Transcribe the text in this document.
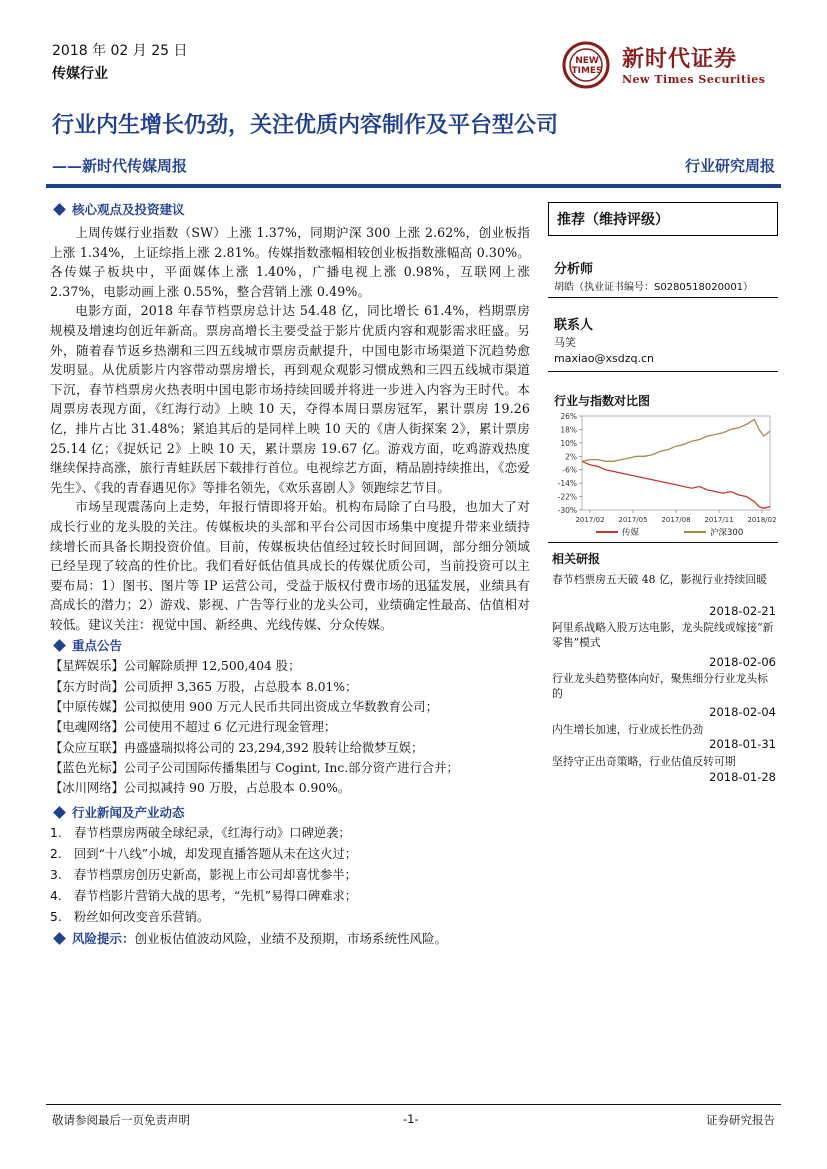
2018 年 02 月 25 日
传媒行业
NEW TIMES 新时代证券
New Times Securities
行业内生增长仍劲，关注优质内容制作及平台型公司
——新时代传媒周报	行业研究周报
核心观点及投资建议
上周传媒行业指数（SW）上涨 1.37%，同期沪深 300 上涨 2.62%，创业板指上涨 1.34%，上证综指上涨 2.81%。传媒指数涨幅相较创业板指数涨幅高 0.30%。各传媒子板块中，平面媒体上涨 1.40%，广播电视上涨 0.98%，互联网上涨 2.37%，电影动画上涨 0.55%，整合营销上涨 0.49%。
电影方面，2018 年春节档票房总计达 54.48 亿，同比增长 61.4%，档期票房规模及增速均创近年新高。票房高增长主要受益于影片优质内容和观影需求旺盛。另外，随着春节返乡热潮和三四五线城市票房贡献提升，中国电影市场渠道下沉趋势愈发明显。从优质影片内容带动票房增长，再到观众观影习惯成熟和三四五线城市渠道下沉，春节档票房火热表明中国电影市场持续回暖并将进一步进入内容为王时代。本周票房表现方面，《红海行动》上映 10 天，夺得本周日票房冠军，累计票房 19.26 亿，排片占比 31.48%；紧追其后的是同样上映 10 天的《唐人街探案 2》，累计票房 25.14 亿；《捉妖记 2》上映 10 天，累计票房 19.67 亿。游戏方面，吃鸡游戏热度继续保持高涨，旅行青蛙跃居下载排行首位。电视综艺方面，精品剧持续推出，《恋爱先生》、《我的青春遇见你》等排名领先，《欢乐喜剧人》领跑综艺节目。
市场呈现震荡向上走势，年报行情即将开始。机构布局除了白马股，也加大了对成长行业的龙头股的关注。传媒板块的头部和平台公司因市场集中度提升带来业绩持续增长而具备长期投资价值。目前，传媒板块估值经过较长时间回调，部分细分领域已经呈现了较高的性价比。我们看好低估值具成长的传媒优质公司，当前投资可以主要布局：1）图书、图片等 IP 运营公司，受益于版权付费市场的迅猛发展，业绩具有高成长的潜力；2）游戏、影视、广告等行业的龙头公司，业绩确定性最高、估值相对较低。建议关注：视觉中国、新经典、光线传媒、分众传媒。
重点公告
【星辉娱乐】公司解除质押 12,500,404 股；
【东方时尚】公司质押 3,365 万股，占总股本 8.01%；
【中原传媒】公司拟使用 900 万元人民币共同出资成立华数教育公司；
【电魂网络】公司使用不超过 6 亿元进行现金管理；
【众应互联】冉盛盛瑞拟将公司的 23,294,392 股转让给微梦互娱；
【蓝色光标】公司子公司国际传播集团与 Cogint, Inc.部分资产进行合并；
【冰川网络】公司拟减持 90 万股，占总股本 0.90%。
行业新闻及产业动态
1. 春节档票房两破全球纪录，《红海行动》口碑逆袭；
2. 回到“十八线”小城，却发现直播答题从未在这火过；
3. 春节档票房创历史新高，影视上市公司却喜忧参半；
4. 春节档影片营销大战的思考，“先机”易得口碑难求；
5. 粉丝如何改变音乐营销。
风险提示：创业板估值波动风险，业绩不及预期，市场系统性风险。
推荐（维持评级）
分析师
胡皓（执业证书编号：S0280518020001）
联系人
马笑
maxiao@xsdzq.cn
行业与指数对比图
26%
18%
10%
2%
-6%
-14%
-22%
-30%
2017/02 2017/05 2017/08 2017/11 2018/02
传媒	沪深300
相关研报
春节档票房五天破 48 亿，影视行业持续回暖
2018-02-21
阿里系战略入股万达电影，龙头院线或嫁接“新零售”模式
2018-02-06
行业龙头趋势整体向好，聚焦细分行业龙头标的
2018-02-04
内生增长加速，行业成长性仍劲
2018-01-31
坚持守正出奇策略，行业估值反转可期
2018-01-28
敬请参阅最后一页免责声明	-1-	证券研究报告
